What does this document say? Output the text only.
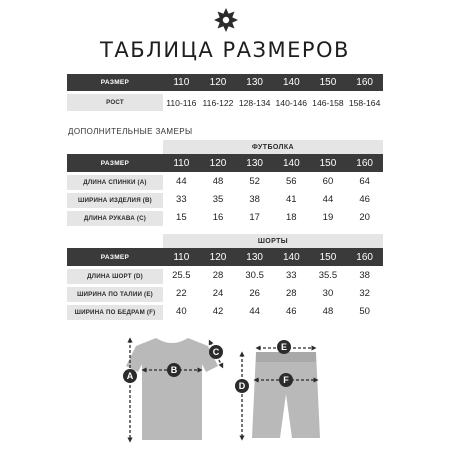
ТАБЛИЦА РАЗМЕРОВ
РАЗМЕР	110	120	130	140	150	160
РОСТ	110-116 116-122 128-134 140-146 146-158 158-164
ДОПОЛНИТЕЛЬНЫЕ ЗАМЕРЫ
ФУТБОЛКА
РАЗМЕР	110	120	130	140	150	160
ДЛИНА СПИНКИ (А)	44	48	52	56	60	64
ШИРИНА ИЗДЕЛИЯ (В)	33	35	38	41	44	46
ДЛИНА РУКАВА (С)	15	16	17	18	19	20
ШОРТЫ
РАЗМЕР	110	120	130	140	150	160
ДЛИНА ШОРТ (D)	25.5	28	30.5	33	35.5	38
ШИРИНА ПО ТАЛИИ (E)	22	24	26	28	30	32
ШИРИНА ПО БЕДРАМ (F)	40	42	44	46	48	50
A
B
C	E
F
D
